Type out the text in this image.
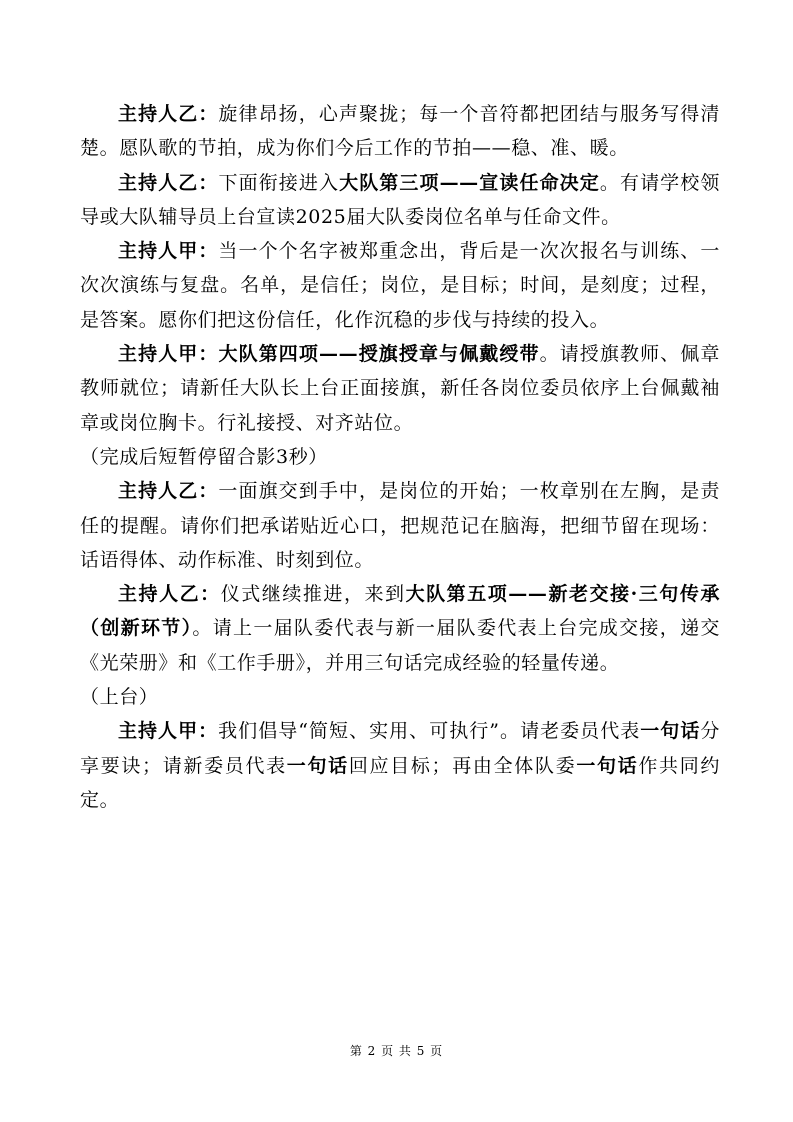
主持人乙：旋律昂扬，心声聚拢；每一个音符都把团结与服务写得清楚。愿队歌的节拍，成为你们今后工作的节拍——稳、准、暖。

主持人乙：下面衔接进入大队第三项——宣读任命决定。有请学校领导或大队辅导员上台宣读2025届大队委岗位名单与任命文件。

主持人甲：当一个个名字被郑重念出，背后是一次次报名与训练、一次次演练与复盘。名单，是信任；岗位，是目标；时间，是刻度；过程，是答案。愿你们把这份信任，化作沉稳的步伐与持续的投入。

主持人甲：大队第四项——授旗授章与佩戴绶带。请授旗教师、佩章教师就位；请新任大队长上台正面接旗，新任各岗位委员依序上台佩戴袖章或岗位胸卡。行礼接授、对齐站位。

（完成后短暂停留合影3秒）

主持人乙：一面旗交到手中，是岗位的开始；一枚章别在左胸，是责任的提醒。请你们把承诺贴近心口，把规范记在脑海，把细节留在现场：话语得体、动作标准、时刻到位。

主持人乙：仪式继续推进，来到大队第五项——新老交接·三句传承（创新环节）。请上一届队委代表与新一届队委代表上台完成交接，递交《光荣册》和《工作手册》，并用三句话完成经验的轻量传递。

（上台）

主持人甲：我们倡导“简短、实用、可执行”。请老委员代表一句话分享要诀；请新委员代表一句话回应目标；再由全体队委一句话作共同约定。

第 2 页 共 5 页
